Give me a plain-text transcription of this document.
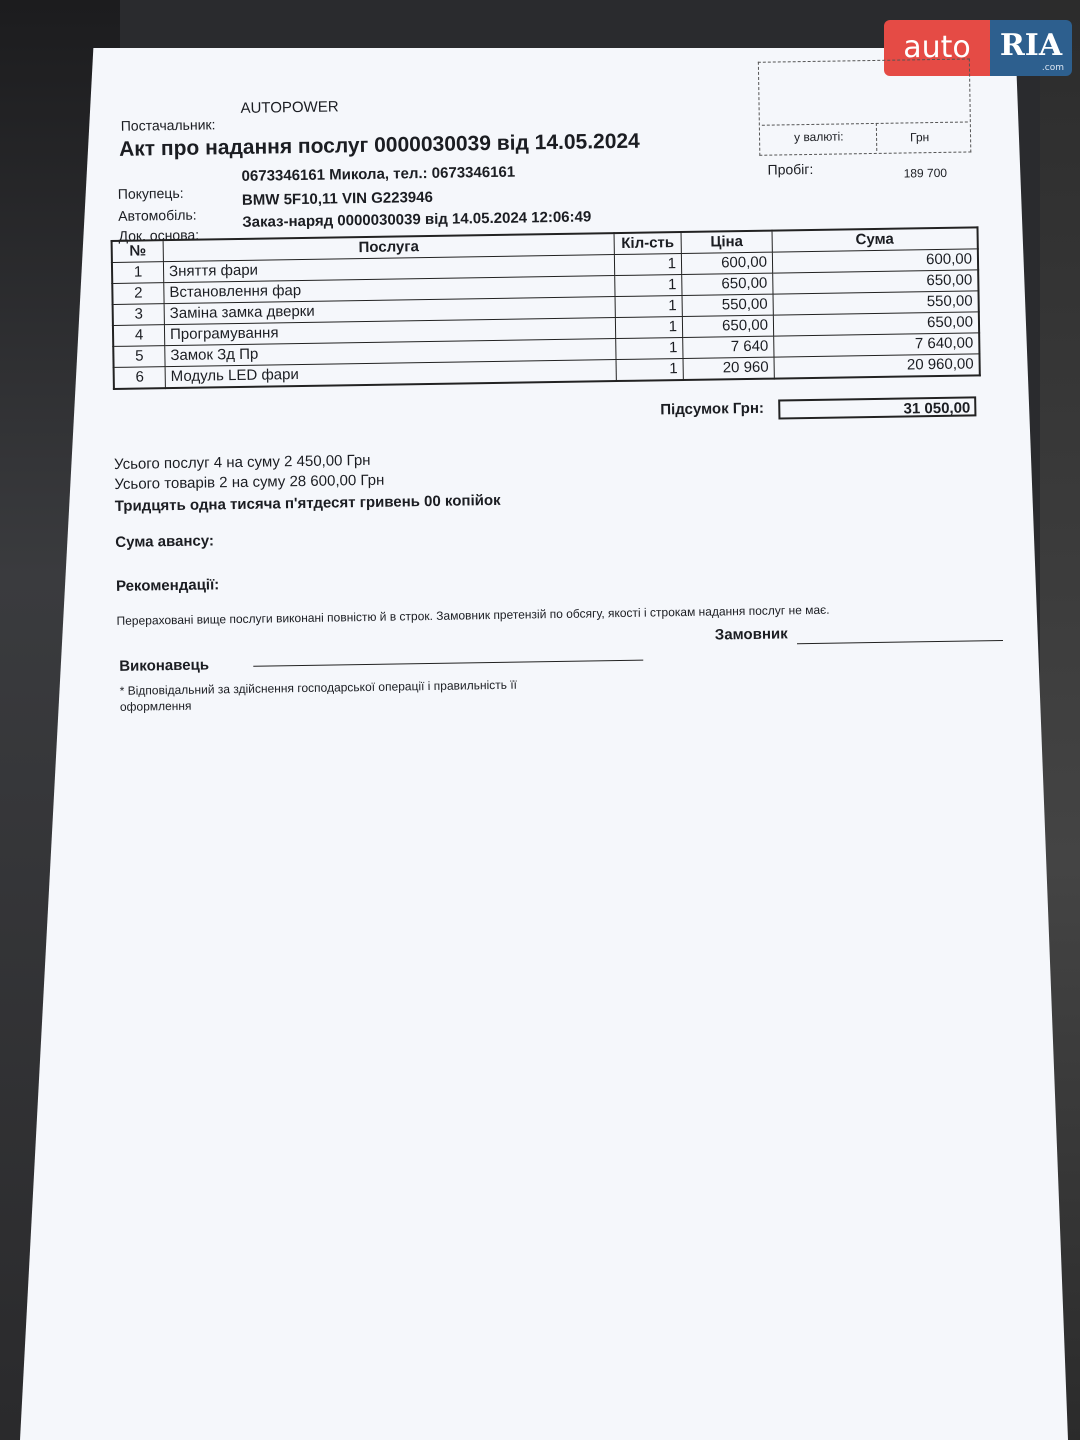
auto RIA
.com
Постачальник:
AUTOPOWER
Акт про надання послуг 0000030039 від 14.05.2024
Покупець:
0673346161 Микола, тел.: 0673346161
Автомобіль:
BMW 5F10,11 VIN G223946
Док. основа:
Заказ-наряд 0000030039 від 14.05.2024 12:06:49
у валюті:	Грн
Пробіг:	189 700
№	Послуга	Кіл-сть	Ціна	Сума
1	Зняття фари	1	600,00	600,00
2	Встановлення фар	1	650,00	650,00
3	Заміна замка дверки	1	550,00	550,00
4	Програмування	1	650,00	650,00
5	Замок Зд Пр	1	7 640	7 640,00
6	Модуль LED фари	1	20 960	20 960,00
Підсумок Грн:	31 050,00
Усього послуг 4 на суму 2 450,00 Грн
Усього товарів 2 на суму 28 600,00 Грн
Тридцять одна тисяча п'ятдесят гривень 00 копійок
Сума авансу:
Рекомендації:
Перераховані вище послуги виконані повністю й в строк. Замовник претензій по обсягу, якості і строкам надання послуг не має.
Замовник
Виконавець
* Відповідальний за здійснення господарської операції і правильність її
оформлення
